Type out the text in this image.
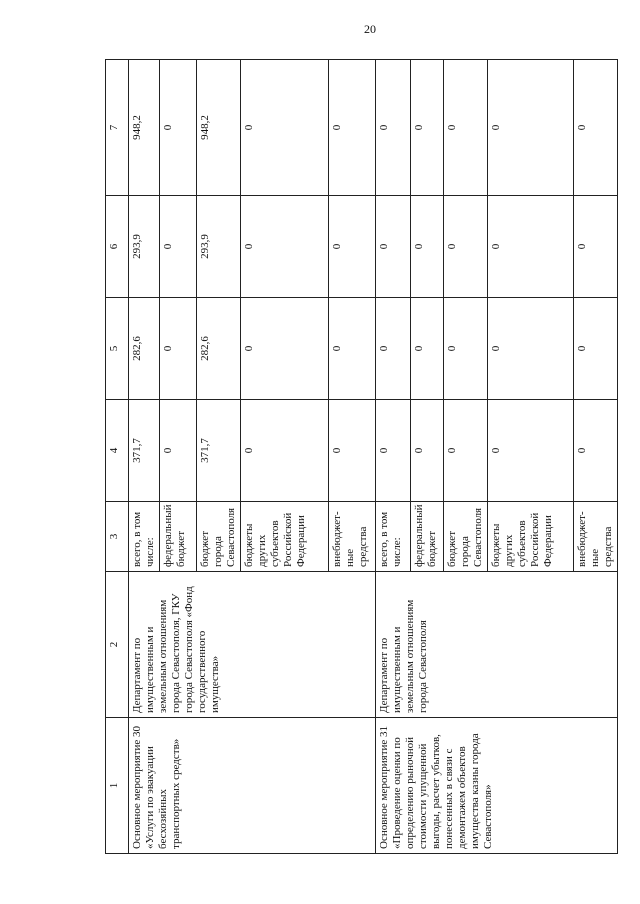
20
1	2	3	4	5	6	7
Основное мероприятие 30 «Услуги по эвакуации бесхозяйных транспортных средств»	Департамент по имущественным и земельным отношениям города Севастополя, ГКУ города Севастополя «Фонд государственного имущества»	всего, в том числе:	371,7	282,6	293,9	948,2
		федеральный бюджет	0	0	0	0
		бюджет города Севастополя	371,7	282,6	293,9	948,2
		бюджеты других субъектов Российской Федерации	0	0	0	0
		внебюджет-ные средства	0	0	0	0
Основное мероприятие 31 «Проведение оценки по определению рыночной стоимости упущенной выгоды, расчет убытков, понесенных в связи с демонтажем объектов имущества казны города Севастополя»	Департамент по имущественным и земельным отношениям города Севастополя	всего, в том числе:	0	0	0	0
		федеральный бюджет	0	0	0	0
		бюджет города Севастополя	0	0	0	0
		бюджеты других субъектов Российской Федерации	0	0	0	0
		внебюджет-ные средства	0	0	0	0
